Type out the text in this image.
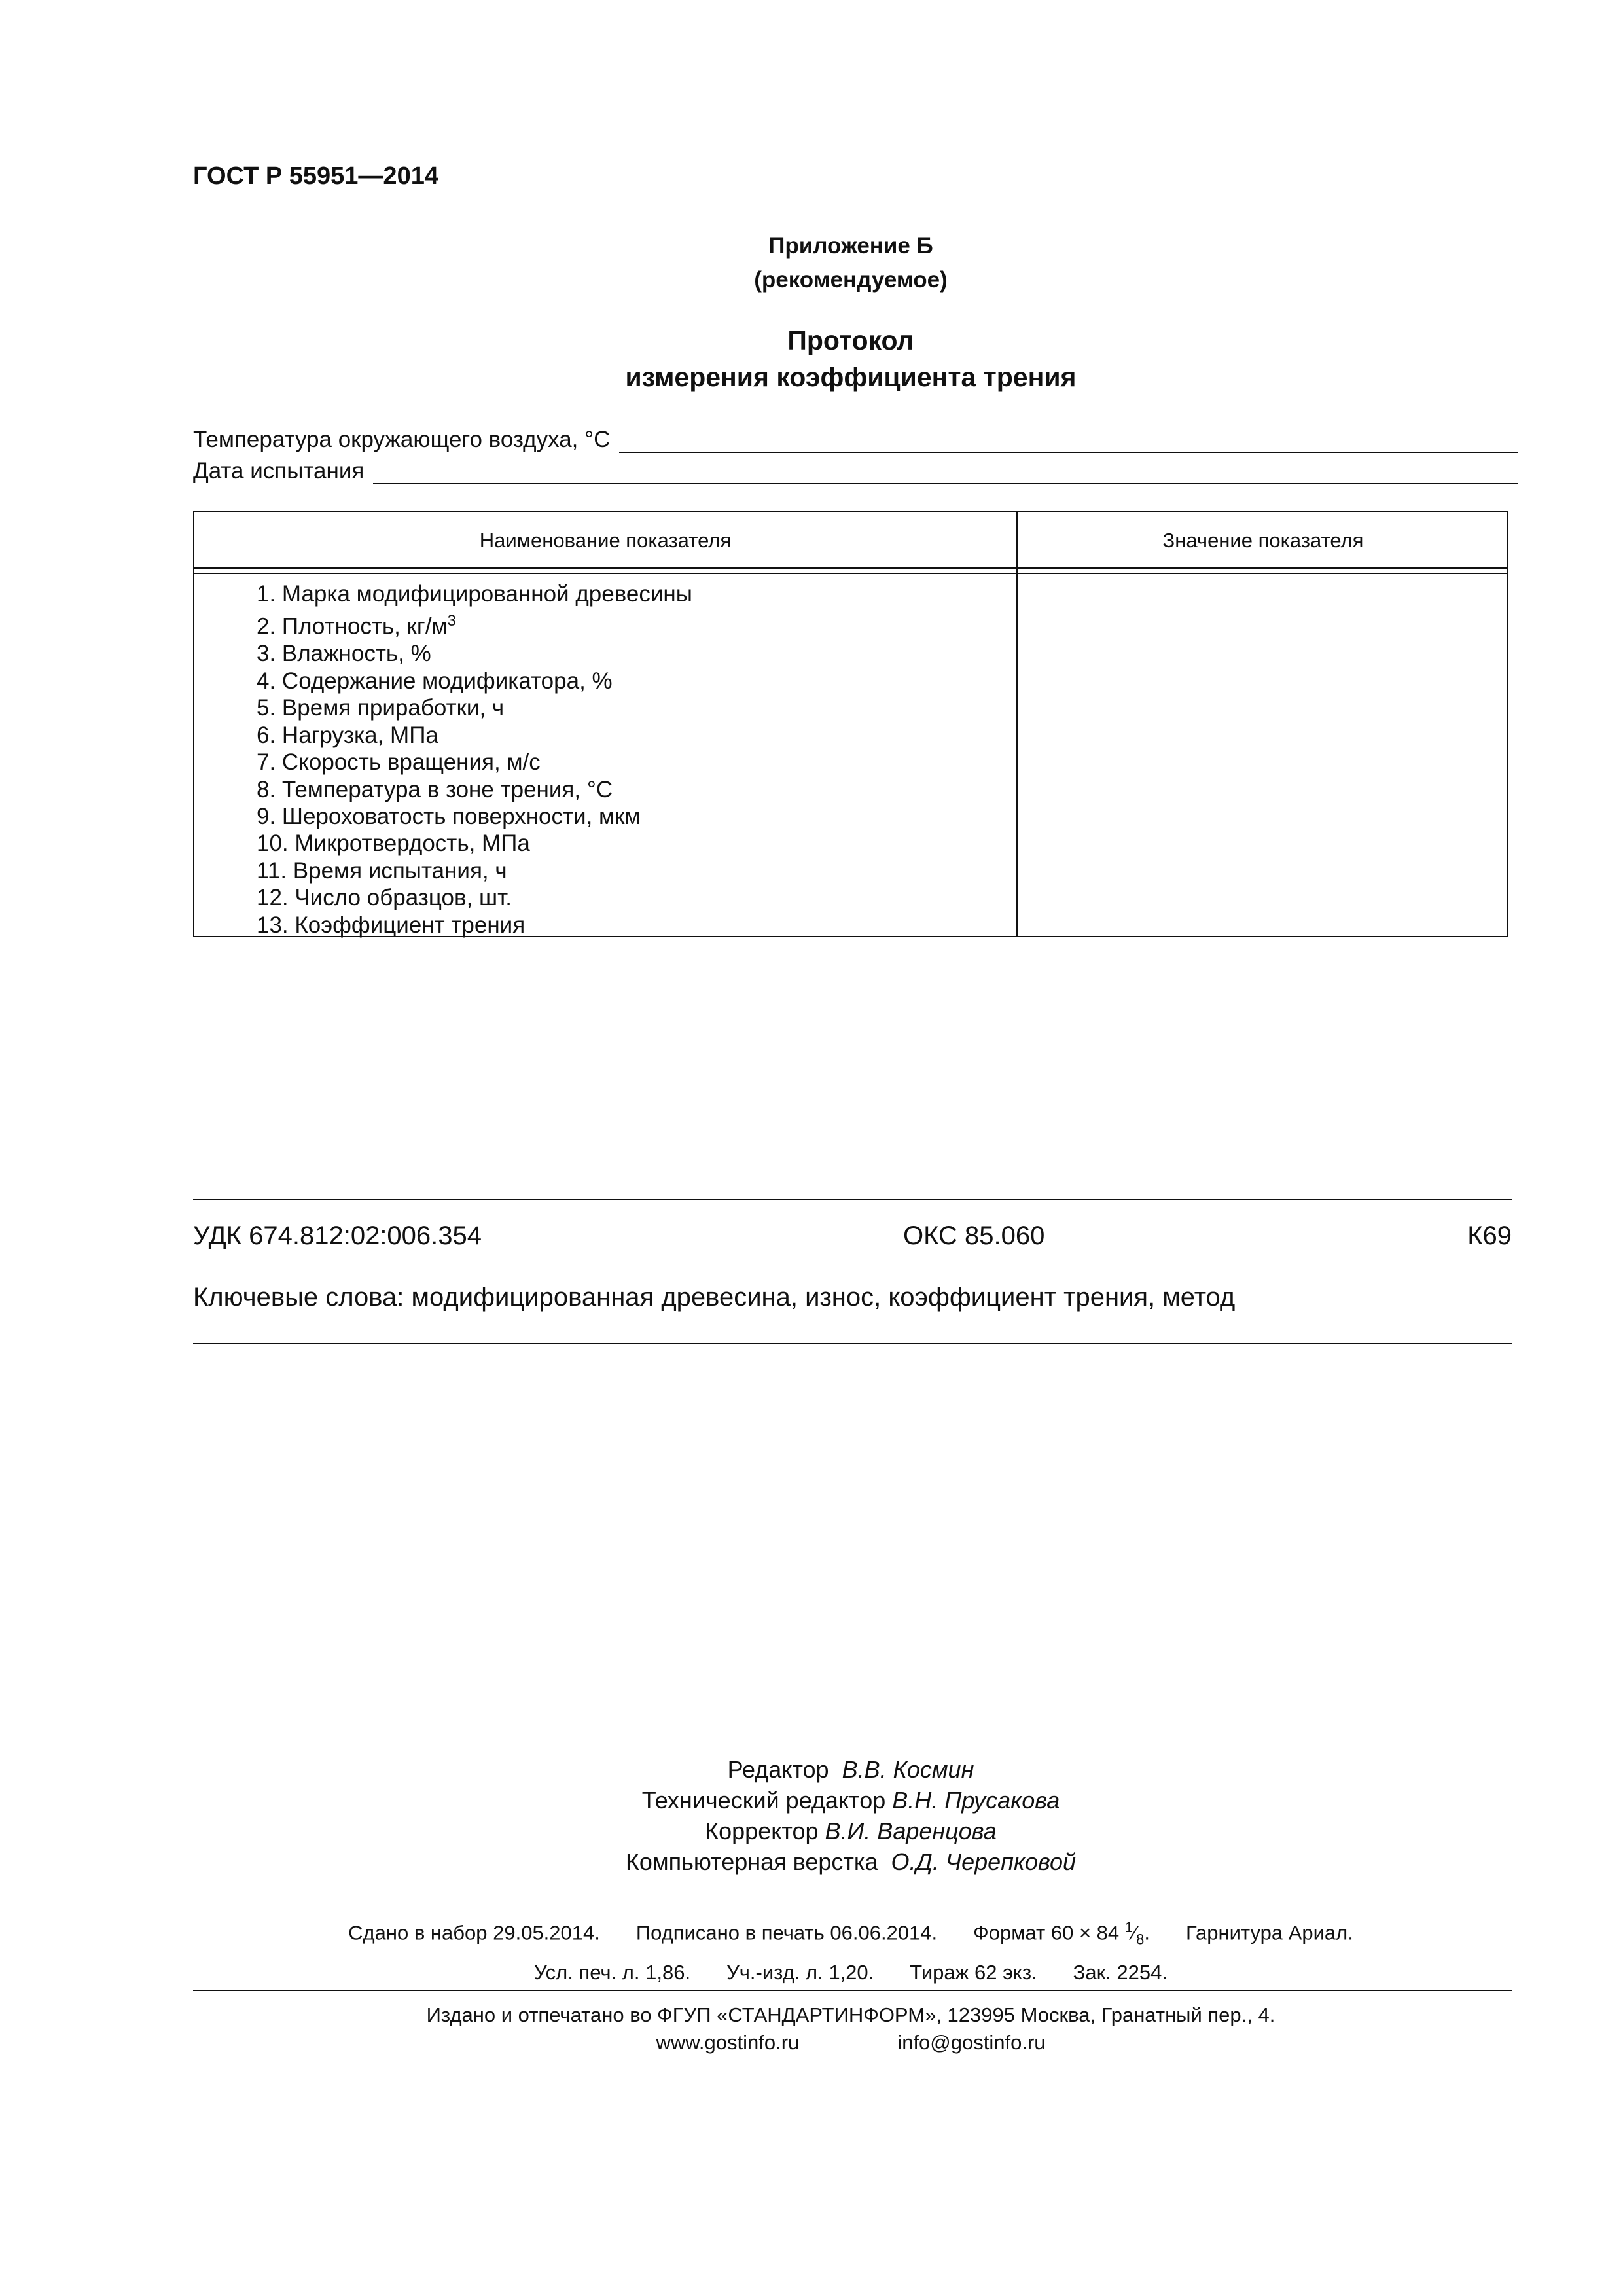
ГОСТ Р 55951—2014
Приложение Б
(рекомендуемое)
Протокол
измерения коэффициента трения
Температура окружающего воздуха, °С
Дата испытания
Наименование показателя	Значение показателя
1. Марка модифицированной древесины
2. Плотность, $кг/м^3$
3. Влажность, %
4. Содержание модификатора, %
5. Время приработки, ч
6. Нагрузка, МПа
7. Скорость вращения, м/с
8. Температура в зоне трения, °С
9. Шероховатость поверхности, мкм
10. Микротвердость, МПа
11. Время испытания, ч
12. Число образцов, шт.
13. Коэффициент трения
УДК 674.812:02:006.354	ОКС 85.060	К69
Ключевые слова: модифицированная древесина, износ, коэффициент трения, метод
Редактор В.В. Космин
Технический редактор В.Н. Прусакова
Корректор В.И. Варенцова
Компьютерная верстка О.Д. Черепковой
Сдано в набор 29.05.2014. Подписано в печать 06.06.2014. Формат 60 × 84 $^1⁄_8$. Гарнитура Ариал.
Усл. печ. л. 1,86. Уч.-изд. л. 1,20. Тираж 62 экз. Зак. 2254.
Издано и отпечатано во ФГУП «СТАНДАРТИНФОРМ», 123995 Москва, Гранатный пер., 4.
www.gostinfo.ru	info@gostinfo.ru
